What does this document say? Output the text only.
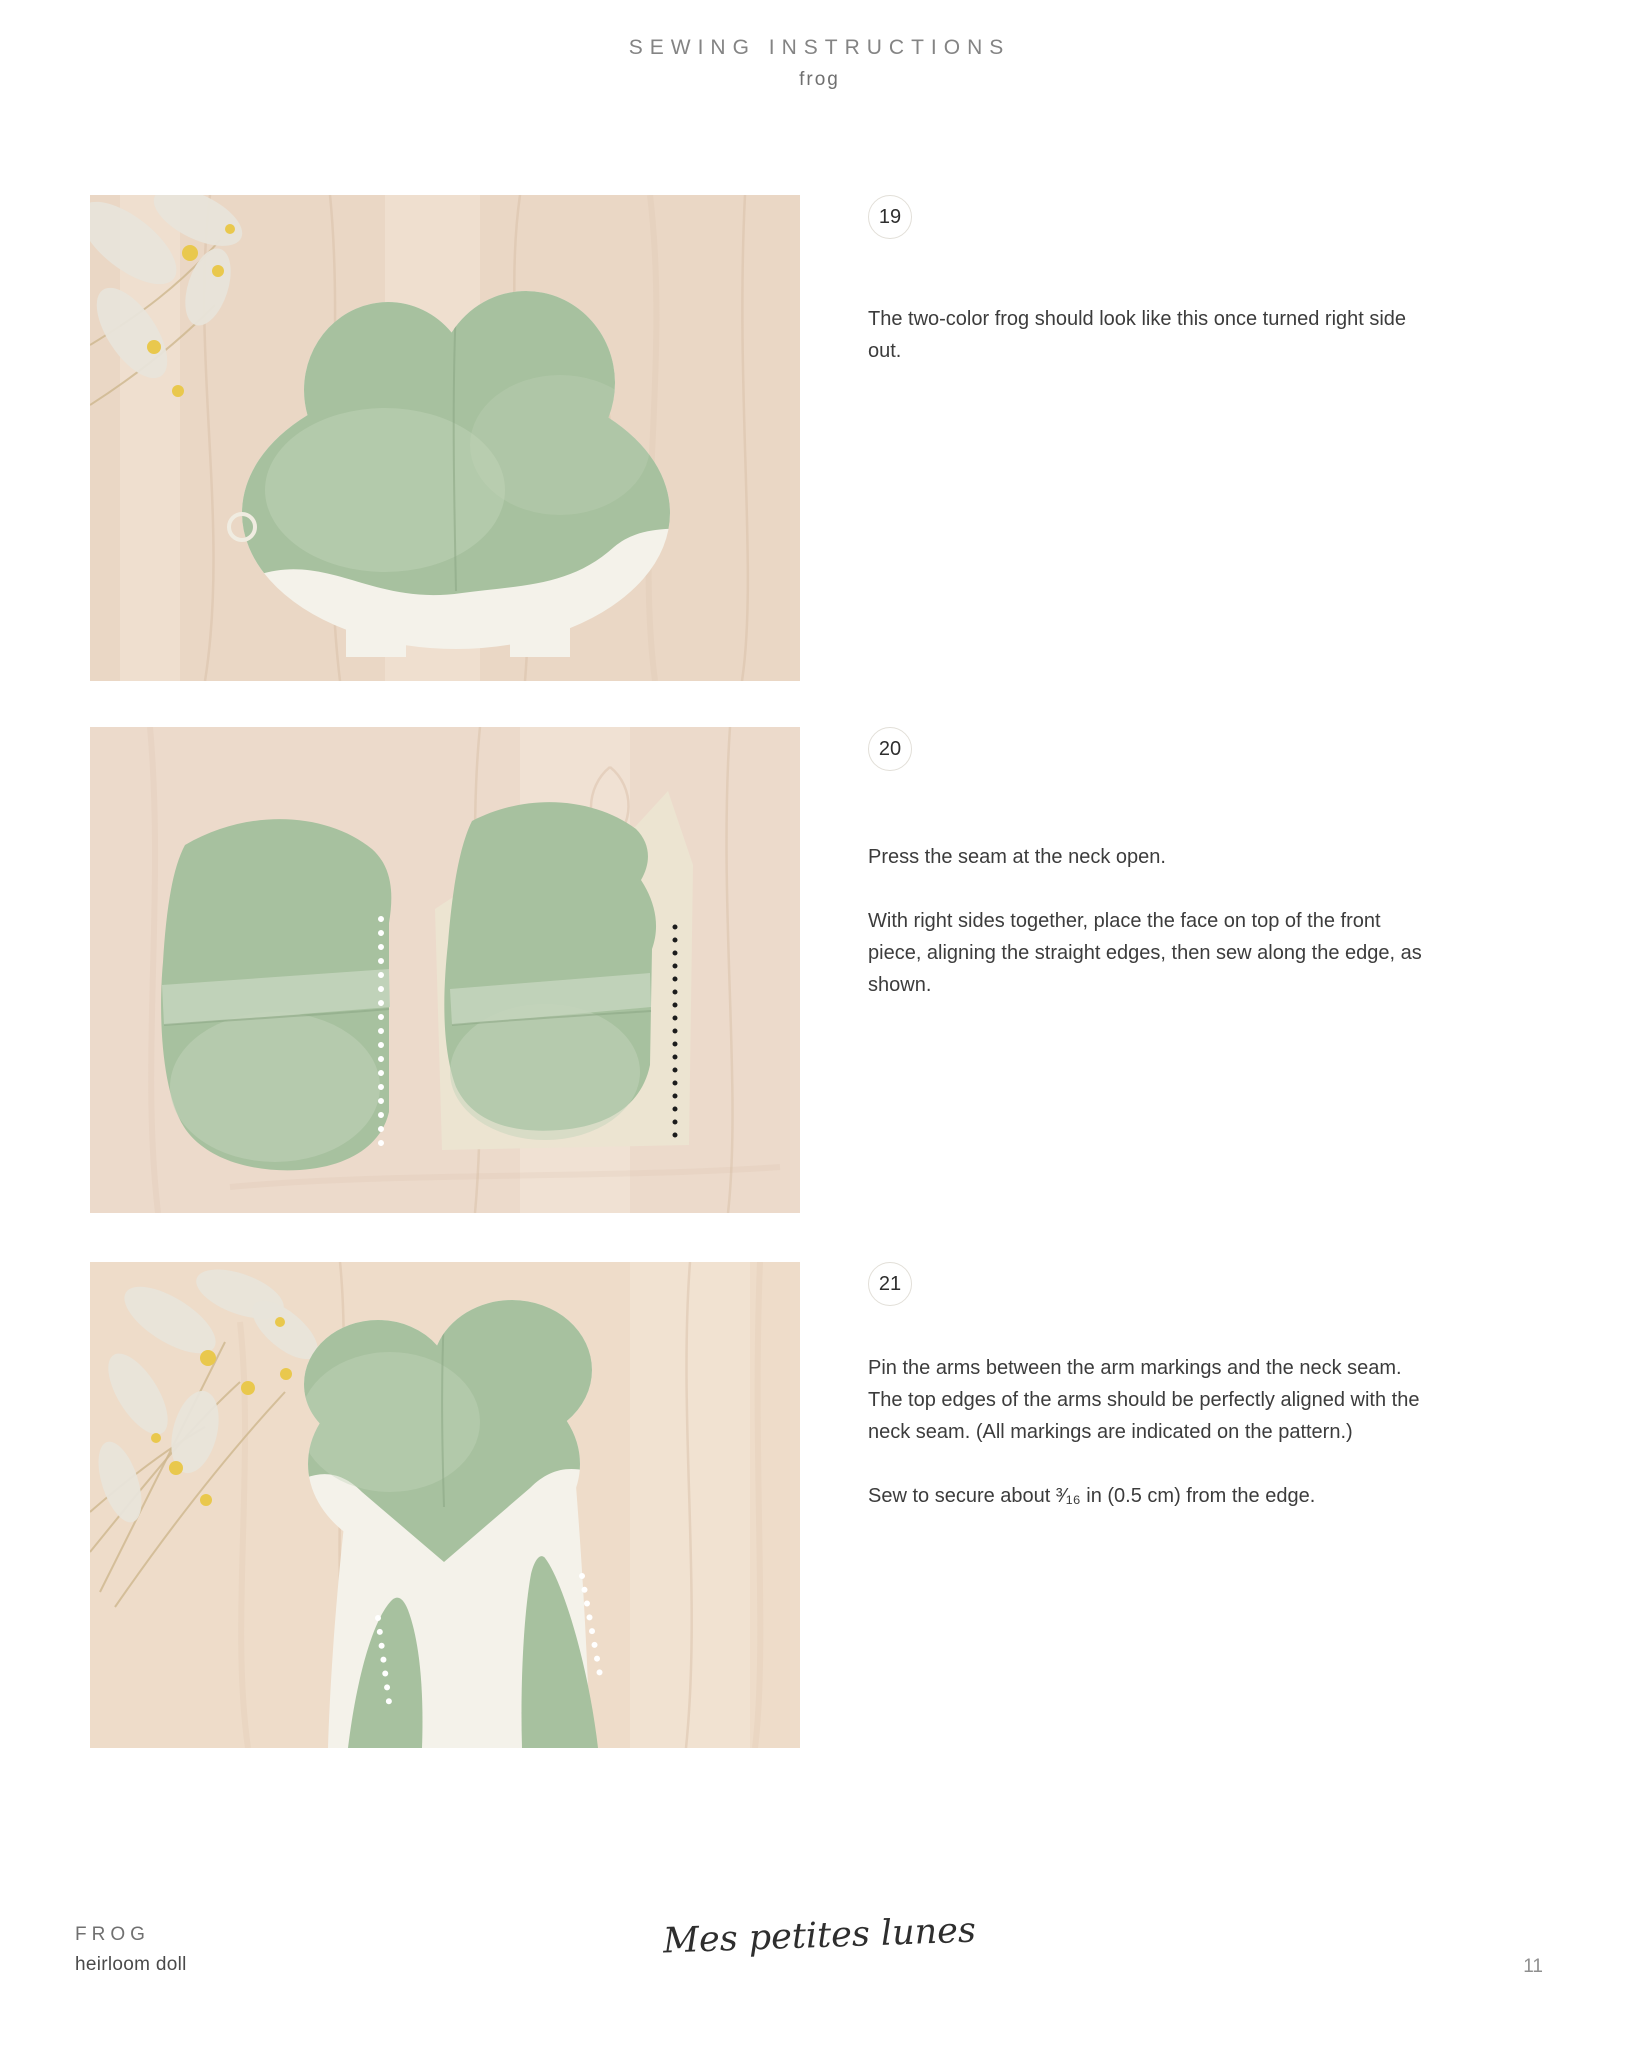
SEWING INSTRUCTIONS
frog
19

The two-color frog should look like this once turned right side out.

20

Press the seam at the neck open.

With right sides together, place the face on top of the front piece, aligning the straight edges, then sew along the edge, as shown.

21

Pin the arms between the arm markings and the neck seam. The top edges of the arms should be perfectly aligned with the neck seam. (All markings are indicated on the pattern.)

Sew to secure about ³⁄₁₆ in (0.5 cm) from the edge.

FROG
heirloom doll
Mes petites lunes
11
